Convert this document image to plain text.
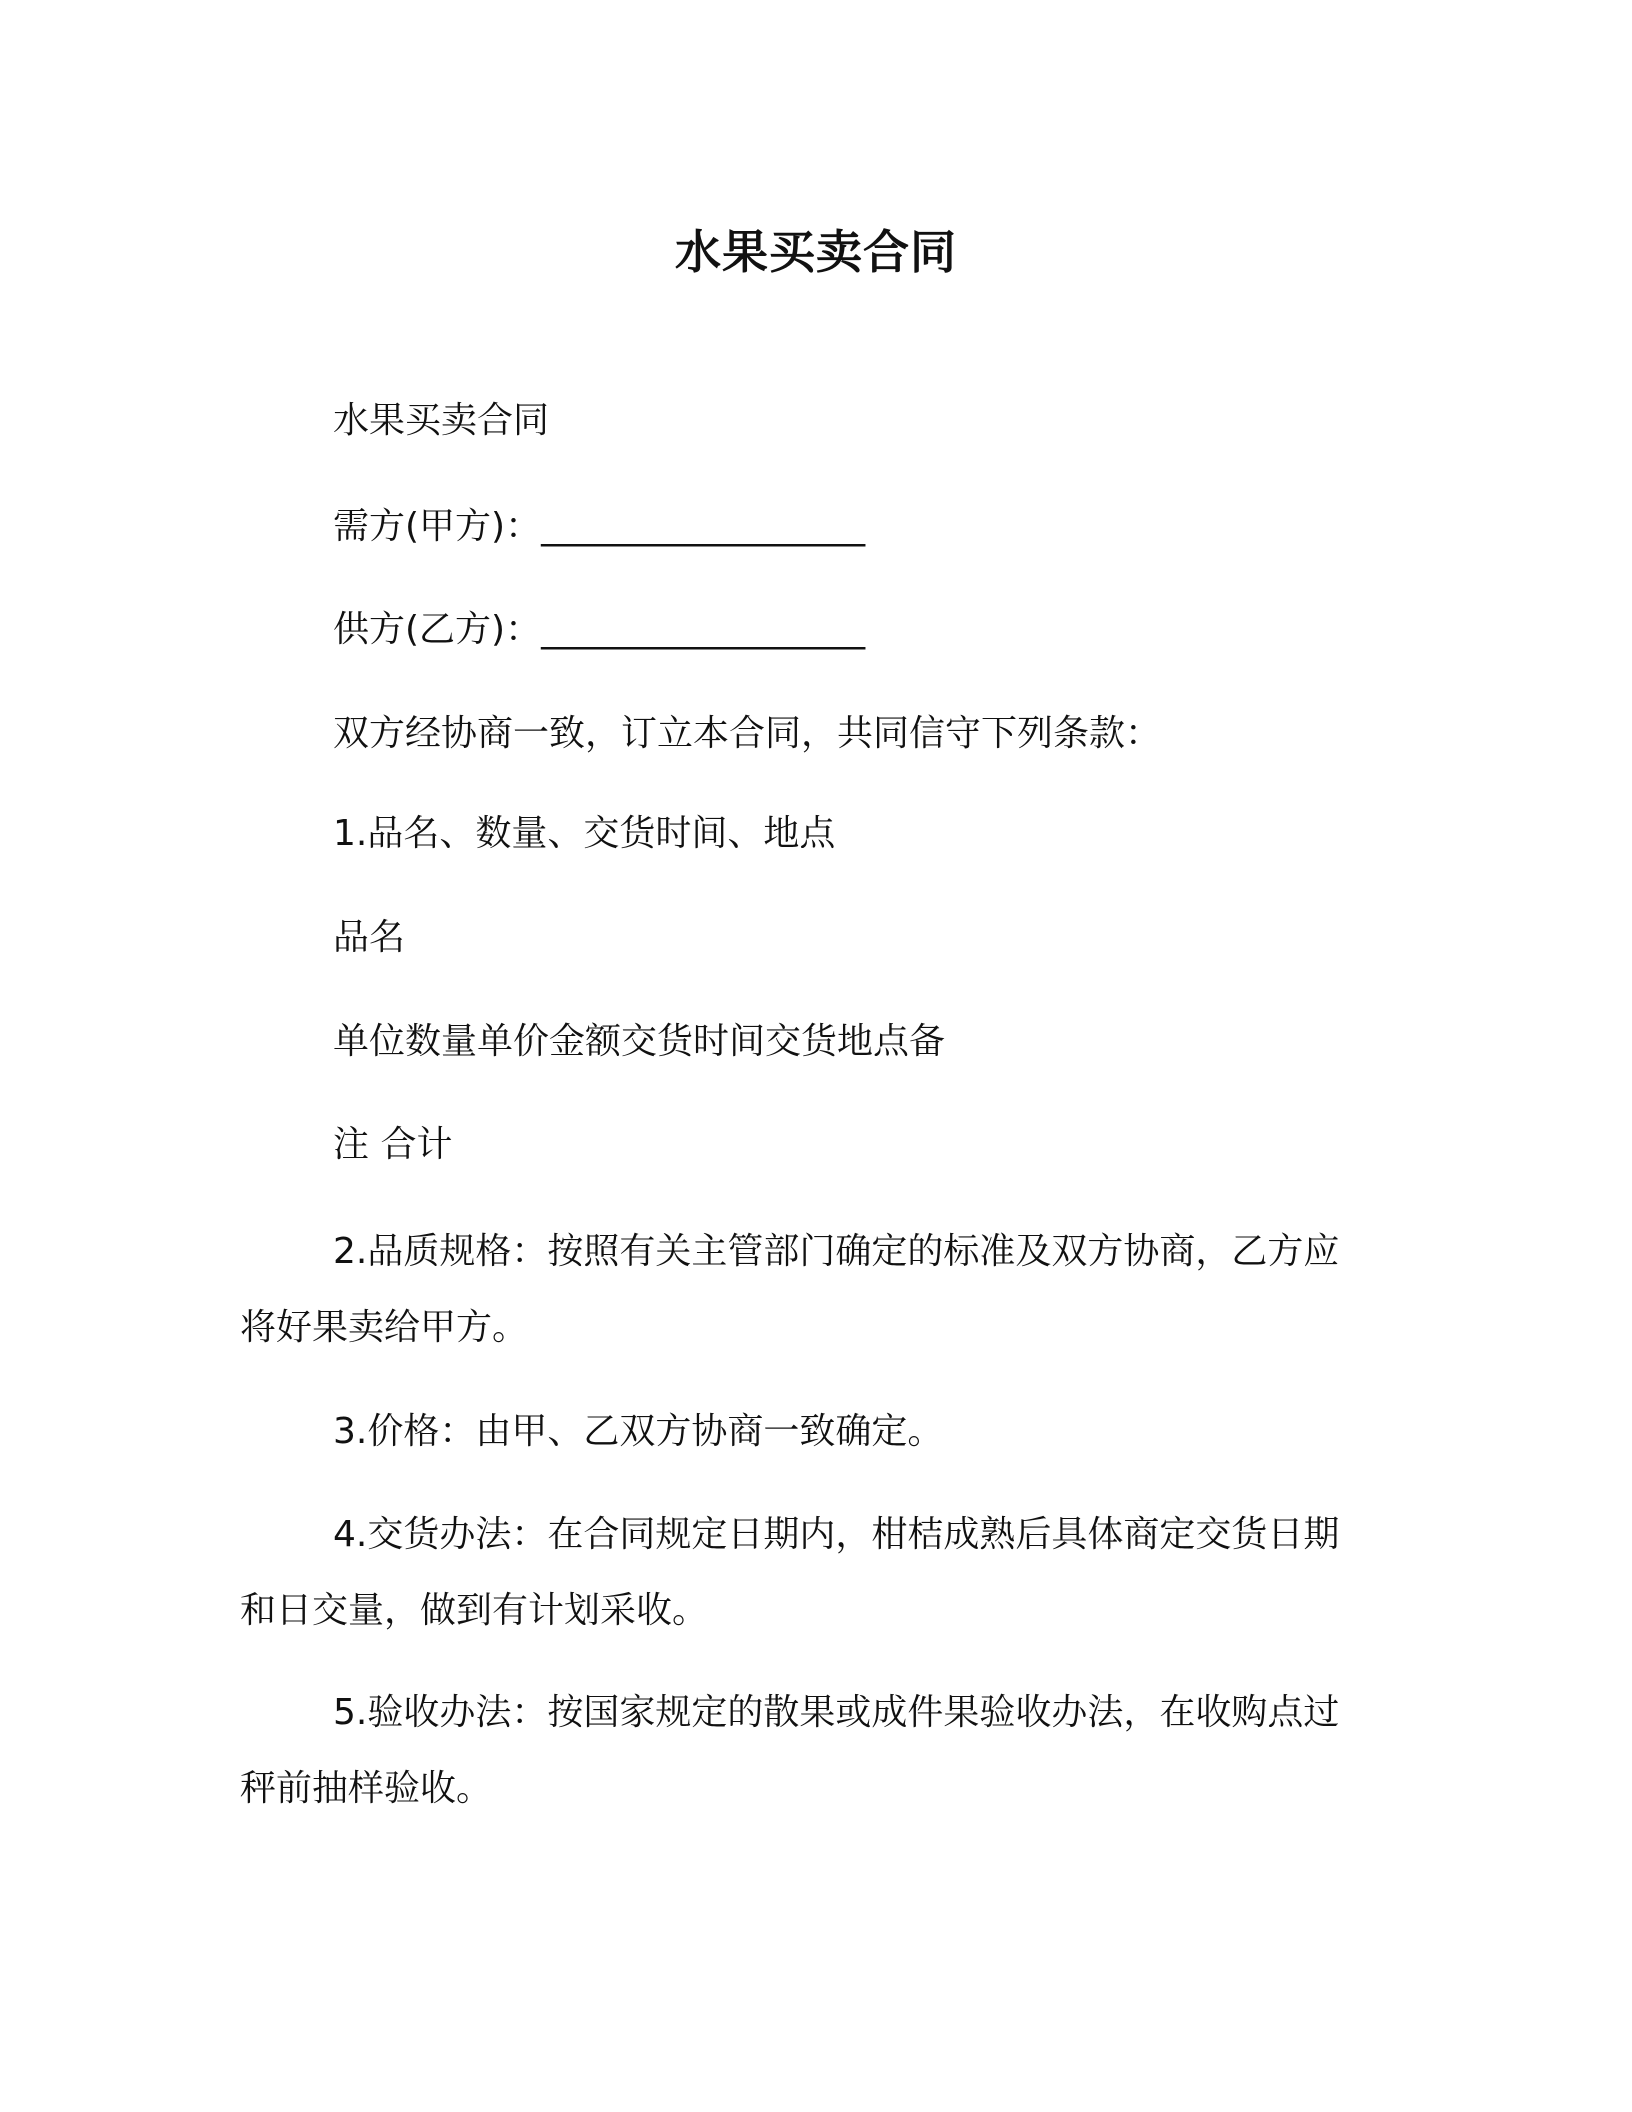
水果买卖合同
水果买卖合同
需方(甲方)：__________________
供方(乙方)：__________________
双方经协商一致，订立本合同，共同信守下列条款：
1.品名、数量、交货时间、地点
品名
单位数量单价金额交货时间交货地点备
注 合计
2.品质规格：按照有关主管部门确定的标准及双方协商，乙方应
将好果卖给甲方。
3.价格：由甲、乙双方协商一致确定。
4.交货办法：在合同规定日期内，柑桔成熟后具体商定交货日期
和日交量，做到有计划采收。
5.验收办法：按国家规定的散果或成件果验收办法，在收购点过
秤前抽样验收。
